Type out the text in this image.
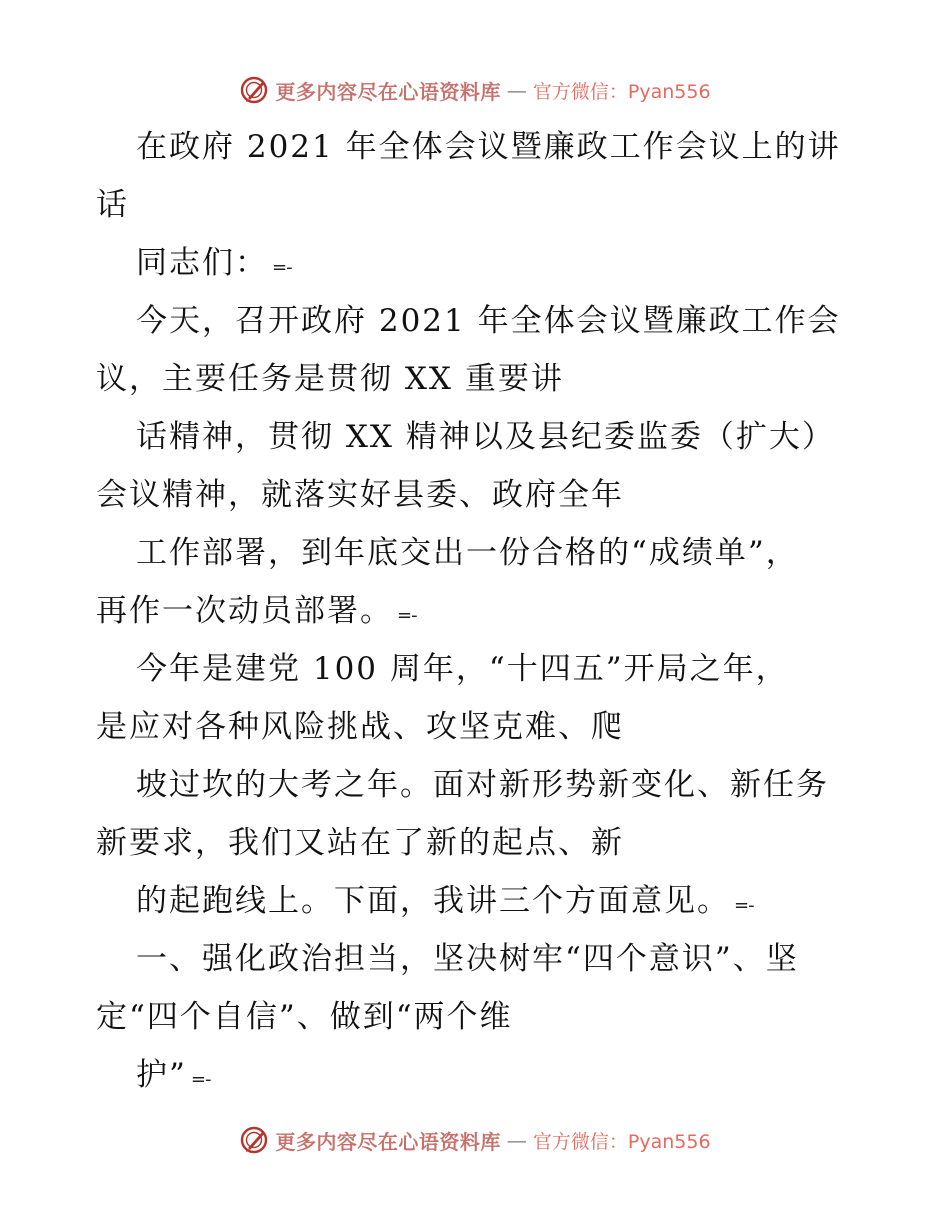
更多内容尽在心语资料库 — 官方微信：Pyan556
在政府 2021 年全体会议暨廉政工作会议上的讲
话
同志们： =-
今天，召开政府 2021 年全体会议暨廉政工作会
议，主要任务是贯彻 XX 重要讲
话精神，贯彻 XX 精神以及县纪委监委（扩大）
会议精神，就落实好县委、政府全年
工作部署，到年底交出一份合格的“成绩单”，
再作一次动员部署。 =-
今年是建党 100 周年，“十四五”开局之年，
是应对各种风险挑战、攻坚克难、爬
坡过坎的大考之年。面对新形势新变化、新任务
新要求，我们又站在了新的起点、新
的起跑线上。下面，我讲三个方面意见。 =-
一、强化政治担当，坚决树牢“四个意识”、坚
定“四个自信”、做到“两个维
护” =-
更多内容尽在心语资料库 — 官方微信：Pyan556
